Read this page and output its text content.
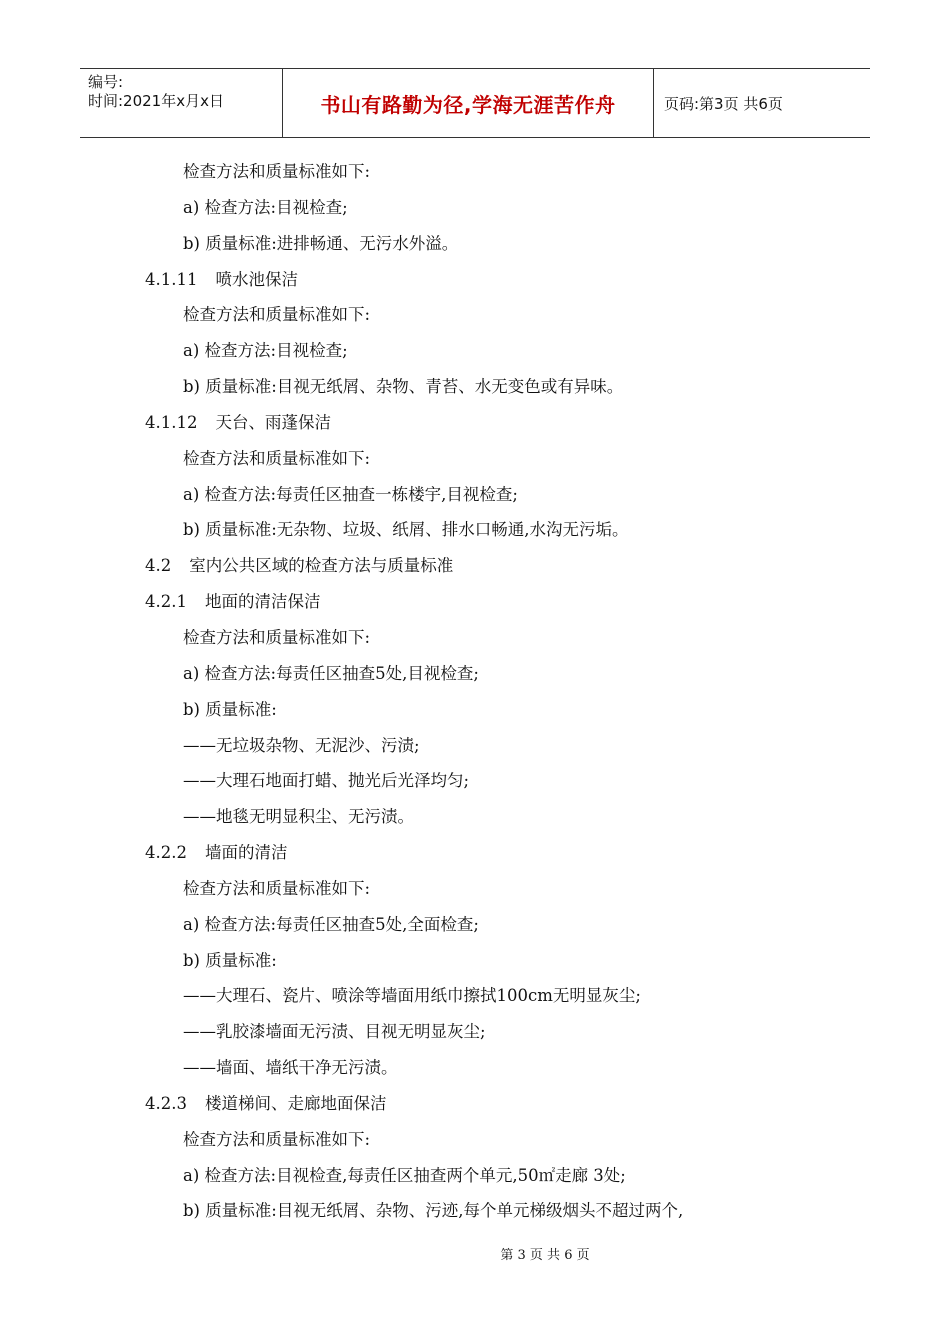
编号:
时间:2021年x月x日	书山有路勤为径,学海无涯苦作舟	页码:第3页 共6页
检查方法和质量标准如下:
a) 检查方法:目视检查;
b) 质量标准:进排畅通、无污水外溢。
4.1.11 喷水池保洁
检查方法和质量标准如下:
a) 检查方法:目视检查;
b) 质量标准:目视无纸屑、杂物、青苔、水无变色或有异味。
4.1.12 天台、雨蓬保洁
检查方法和质量标准如下:
a) 检查方法:每责任区抽查一栋楼宇,目视检查;
b) 质量标准:无杂物、垃圾、纸屑、排水口畅通,水沟无污垢。
4.2 室内公共区域的检查方法与质量标准
4.2.1 地面的清洁保洁
检查方法和质量标准如下:
a) 检查方法:每责任区抽查5处,目视检查;
b) 质量标准:
——无垃圾杂物、无泥沙、污渍;
——大理石地面打蜡、抛光后光泽均匀;
——地毯无明显积尘、无污渍。
4.2.2 墙面的清洁
检查方法和质量标准如下:
a) 检查方法:每责任区抽查5处,全面检查;
b) 质量标准:
——大理石、瓷片、喷涂等墙面用纸巾擦拭100cm无明显灰尘;
——乳胶漆墙面无污渍、目视无明显灰尘;
——墙面、墙纸干净无污渍。
4.2.3 楼道梯间、走廊地面保洁
检查方法和质量标准如下:
a) 检查方法:目视检查,每责任区抽查两个单元,50㎡走廊 3处;
b) 质量标准:目视无纸屑、杂物、污迹,每个单元梯级烟头不超过两个,
第 3 页 共 6 页
